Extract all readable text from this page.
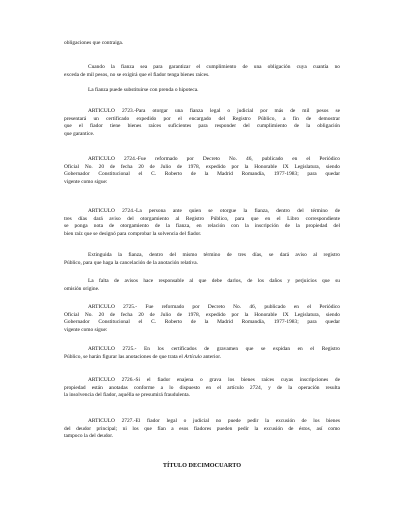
obligaciones que contraiga.
Cuando la fianza sea para garantizar el cumplimiento de una obligación cuya cuantía no
exceda de mil pesos, no se exigirá que el fiador tenga bienes raíces.
La fianza puede substituirse con prenda o hipoteca.
ARTICULO 2723.-Para otorgar una fianza legal o judicial por más de mil pesos se
presentará un certificado expedido por el encargado del Registro Público, a fin de demostrar
que el fiador tiene bienes raíces suficientes para responder del cumplimiento de la obligación
que garantice.
ARTICULO 2724.-Fue reformado por Decreto No. 46, publicado en el Periódico
Oficial No. 20 de fecha 20 de Julio de 1978, expedido por la Honorable IX Legislatura, siendo
Gobernador Constitucional el C. Roberto de la Madrid Romandía, 1977-1983; para quedar
vigente como sigue:
ARTICULO 2724.-La persona ante quien se otorgue la fianza, dentro del término de
tres días dará aviso del otorgamiento al Registro Público, para que en el Libro correspondiente
se ponga nota de otorgamiento de la fianza, en relación con la inscripción de la propiedad del
bien raíz que se designó para comprobar la solvencia del fiador.
Extinguida la fianza, dentro del mismo término de tres días, se dará aviso al registro
Público, para que haga la cancelación de la anotación relativa.
La falta de avisos hace responsable al que debe darlos, de los daños y perjuicios que su
omisión origine.
ARTICULO 2725.- Fue reformado por Decreto No. 46, publicado en el Periódico
Oficial No. 20 de fecha 20 de Julio de 1978, expedido por la Honorable IX Legislatura, siendo
Gobernador Constitucional el C. Roberto de la Madrid Romandía, 1977-1983; para quedar
vigente como sigue:
ARTICULO 2725.- En los certificados de gravamen que se expidan en el Registro
Público, se harán figurar las anotaciones de que trata el Artículo anterior.
ARTICULO 2726.-Si el fiador enajena o grava los bienes raíces cuyas inscripciones de
propiedad están anotadas conforme a lo dispuesto en el artículo 2724, y de la operación resulta
la insolvencia del fiador, aquélla se presumirá fraudulenta.
ARTICULO 2727.-El fiador legal o judicial no puede pedir la excusión de los bienes
del deudor principal; ni los que fían a esos fiadores pueden pedir la excusión de éstos, así como
tampoco la del deudor.
TÍTULO DECIMOCUARTO
